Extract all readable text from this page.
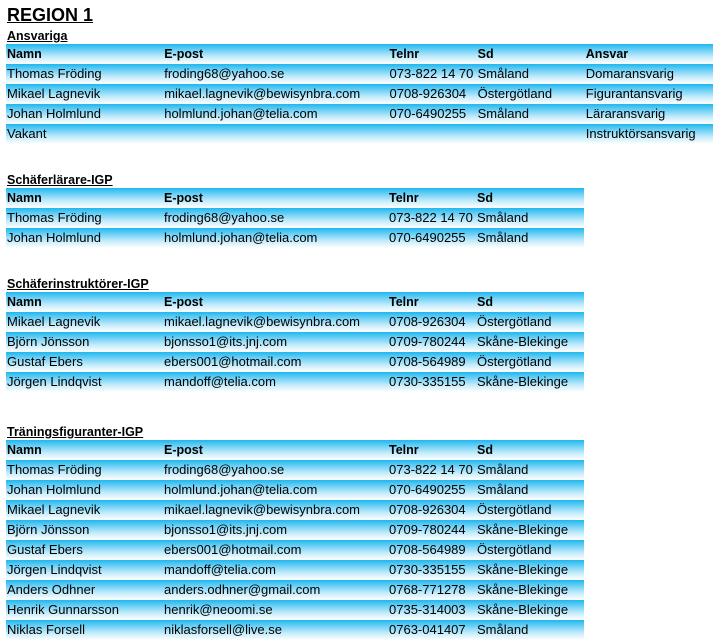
REGION 1
Ansvariga
Namn	E-post	Telnr	Sd	Ansvar
Thomas Fröding	froding68@yahoo.se	073-822 14 70	Småland	Domaransvarig
Mikael Lagnevik	mikael.lagnevik@bewisynbra.com	0708-926304	Östergötland	Figurantansvarig
Johan Holmlund	holmlund.johan@telia.com	070-6490255	Småland	Läraransvarig
Vakant				Instruktörsansvarig
Schäferlärare-IGP
Namn	E-post	Telnr	Sd
Thomas Fröding	froding68@yahoo.se	073-822 14 70	Småland
Johan Holmlund	holmlund.johan@telia.com	070-6490255	Småland
Schäferinstruktörer-IGP
Namn	E-post	Telnr	Sd
Mikael Lagnevik	mikael.lagnevik@bewisynbra.com	0708-926304	Östergötland
Björn Jönsson	bjonsso1@its.jnj.com	0709-780244	Skåne-Blekinge
Gustaf Ebers	ebers001@hotmail.com	0708-564989	Östergötland
Jörgen Lindqvist	mandoff@telia.com	0730-335155	Skåne-Blekinge
Träningsfiguranter-IGP
Namn	E-post	Telnr	Sd
Thomas Fröding	froding68@yahoo.se	073-822 14 70	Småland
Johan Holmlund	holmlund.johan@telia.com	070-6490255	Småland
Mikael Lagnevik	mikael.lagnevik@bewisynbra.com	0708-926304	Östergötland
Björn Jönsson	bjonsso1@its.jnj.com	0709-780244	Skåne-Blekinge
Gustaf Ebers	ebers001@hotmail.com	0708-564989	Östergötland
Jörgen Lindqvist	mandoff@telia.com	0730-335155	Skåne-Blekinge
Anders Odhner	anders.odhner@gmail.com	0768-771278	Skåne-Blekinge
Henrik Gunnarsson	henrik@neoomi.se	0735-314003	Skåne-Blekinge
Niklas Forsell	niklasforsell@live.se	0763-041407	Småland
